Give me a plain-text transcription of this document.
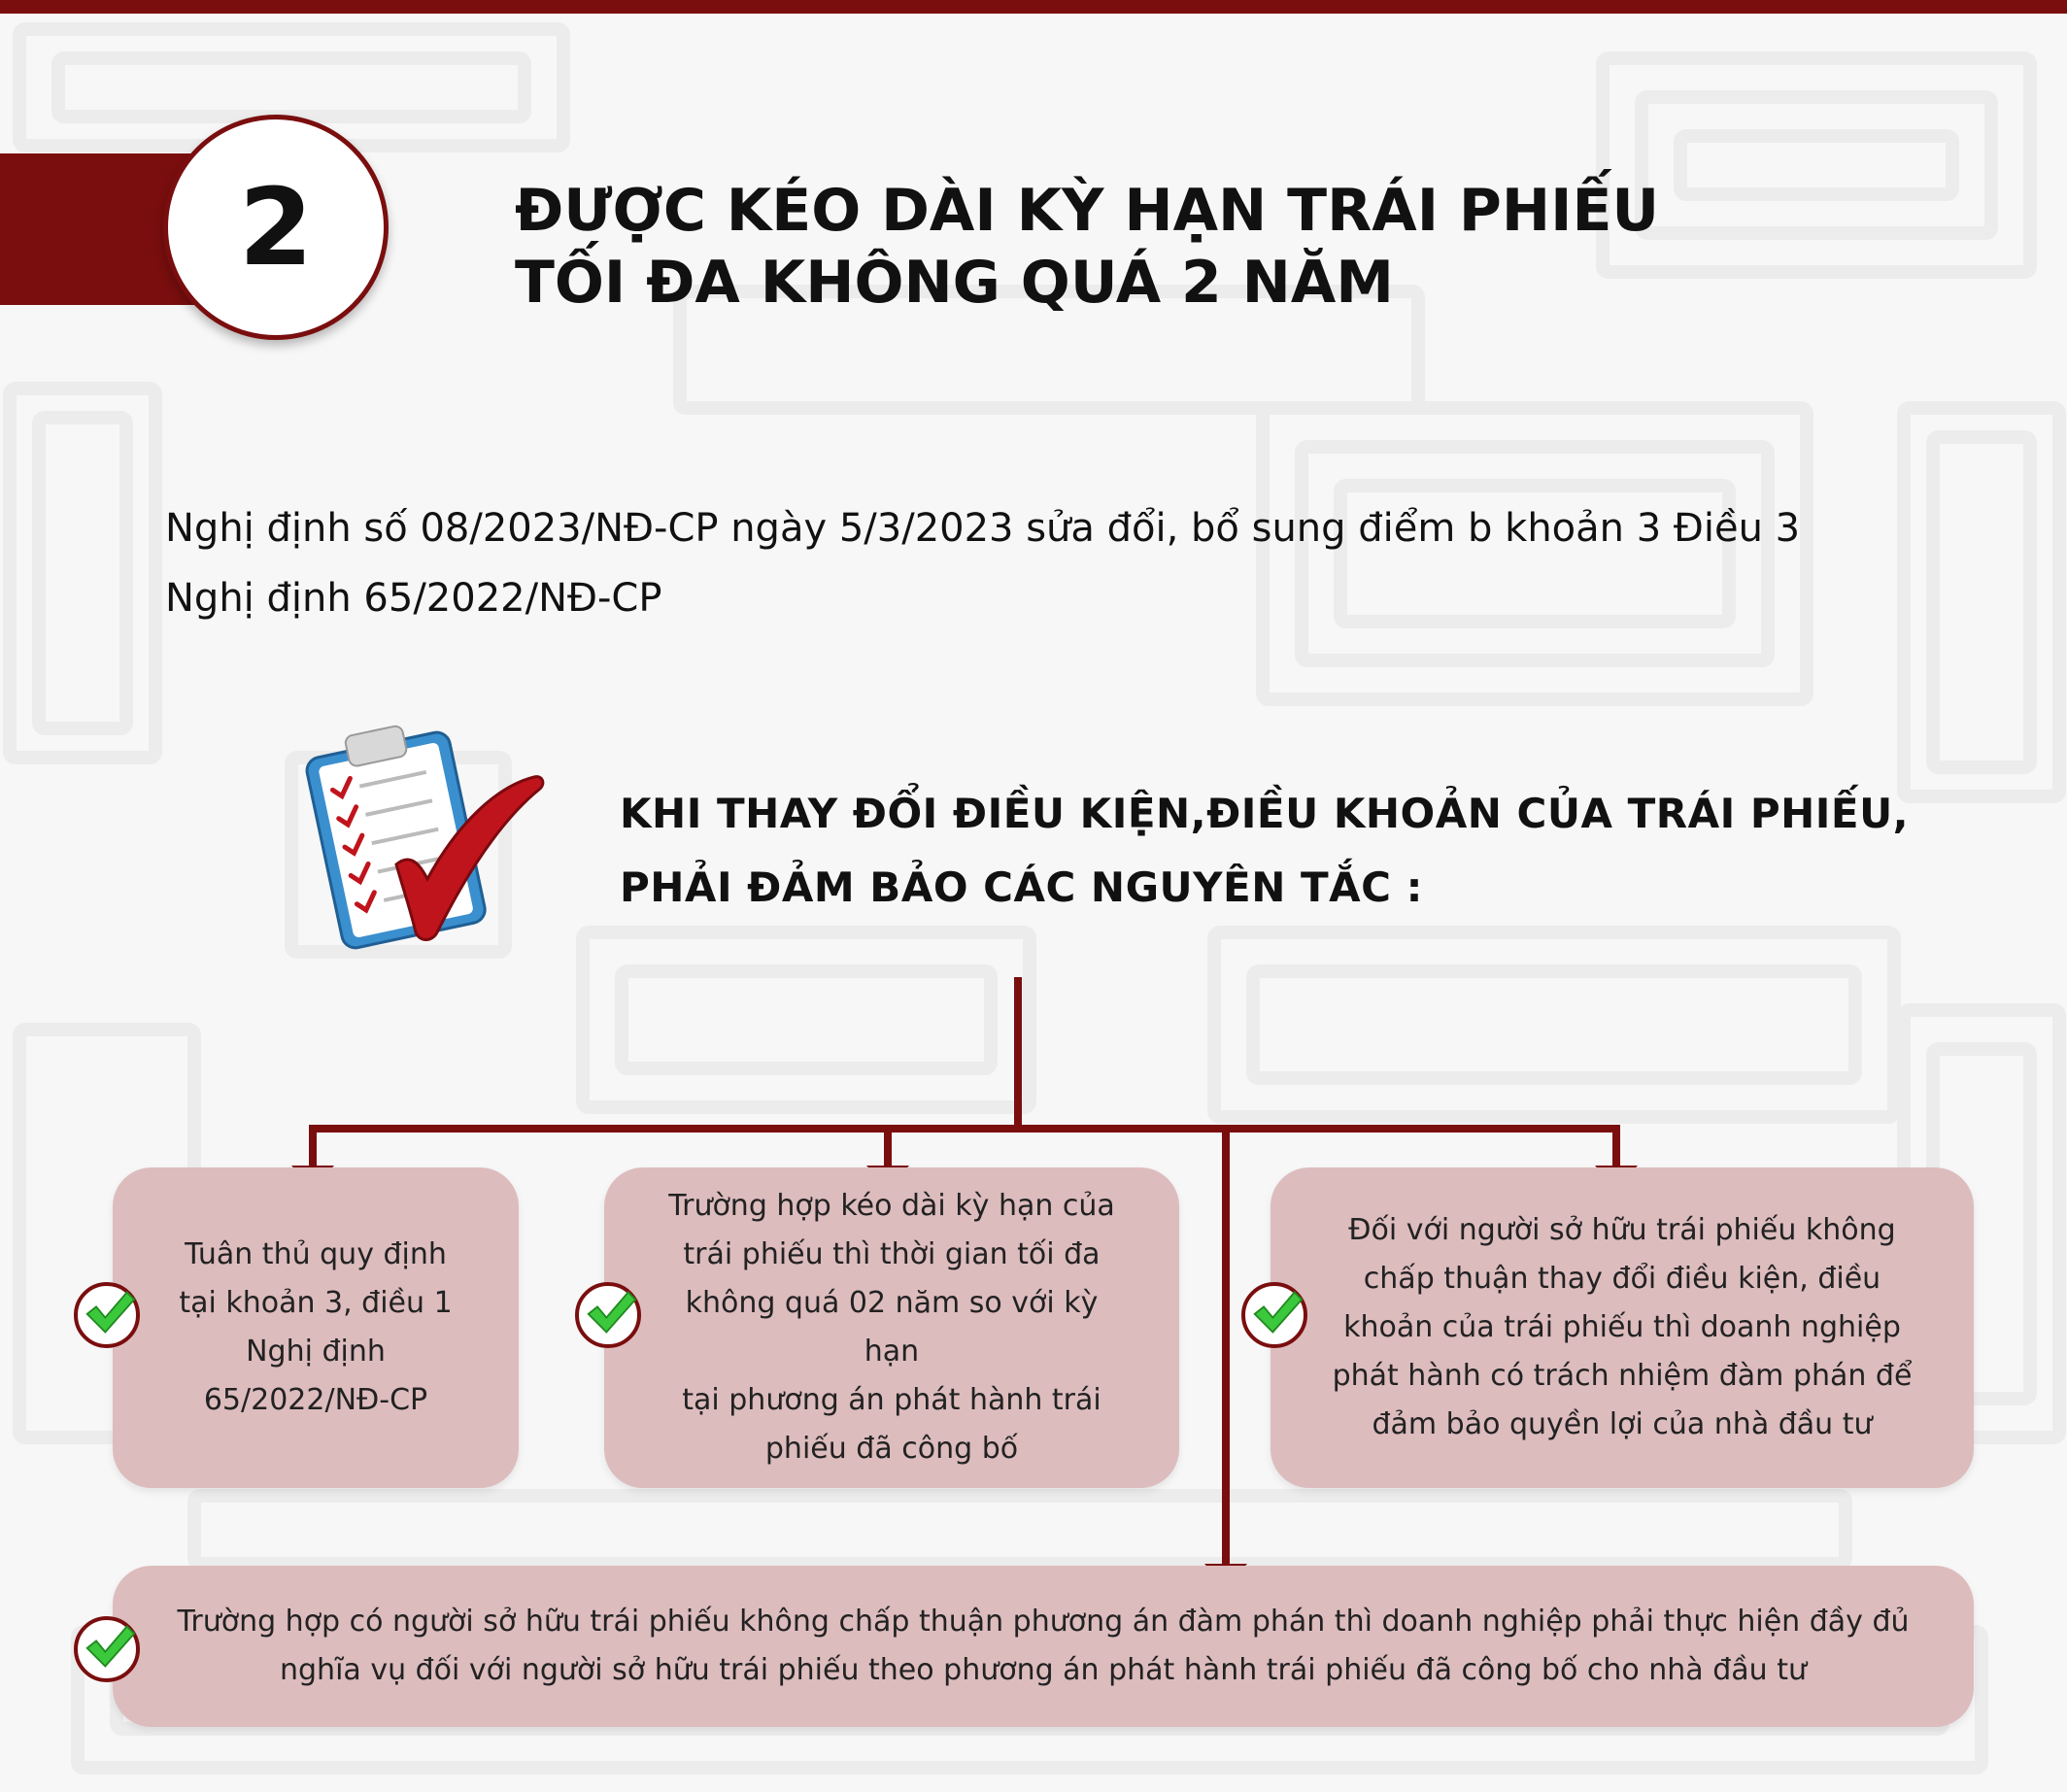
2	ĐƯỢC KÉO DÀI KỲ HẠN TRÁI PHIẾU
TỐI ĐA KHÔNG QUÁ 2 NĂM
Nghị định số 08/2023/NĐ-CP ngày 5/3/2023 sửa đổi, bổ sung điểm b khoản 3 Điều 3
Nghị định 65/2022/NĐ-CP
KHI THAY ĐỔI ĐIỀU KIỆN,ĐIỀU KHOẢN CỦA TRÁI PHIẾU,
PHẢI ĐẢM BẢO CÁC NGUYÊN TẮC :
Tuân thủ quy định
tại khoản 3, điều 1
Nghị định
65/2022/NĐ-CP
Trường hợp kéo dài kỳ hạn của
trái phiếu thì thời gian tối đa
không quá 02 năm so với kỳ hạn
tại phương án phát hành trái
phiếu đã công bố
Đối với người sở hữu trái phiếu không
chấp thuận thay đổi điều kiện, điều
khoản của trái phiếu thì doanh nghiệp
phát hành có trách nhiệm đàm phán để
đảm bảo quyền lợi của nhà đầu tư
Trường hợp có người sở hữu trái phiếu không chấp thuận phương án đàm phán thì doanh nghiệp phải thực hiện đầy đủ
nghĩa vụ đối với người sở hữu trái phiếu theo phương án phát hành trái phiếu đã công bố cho nhà đầu tư
